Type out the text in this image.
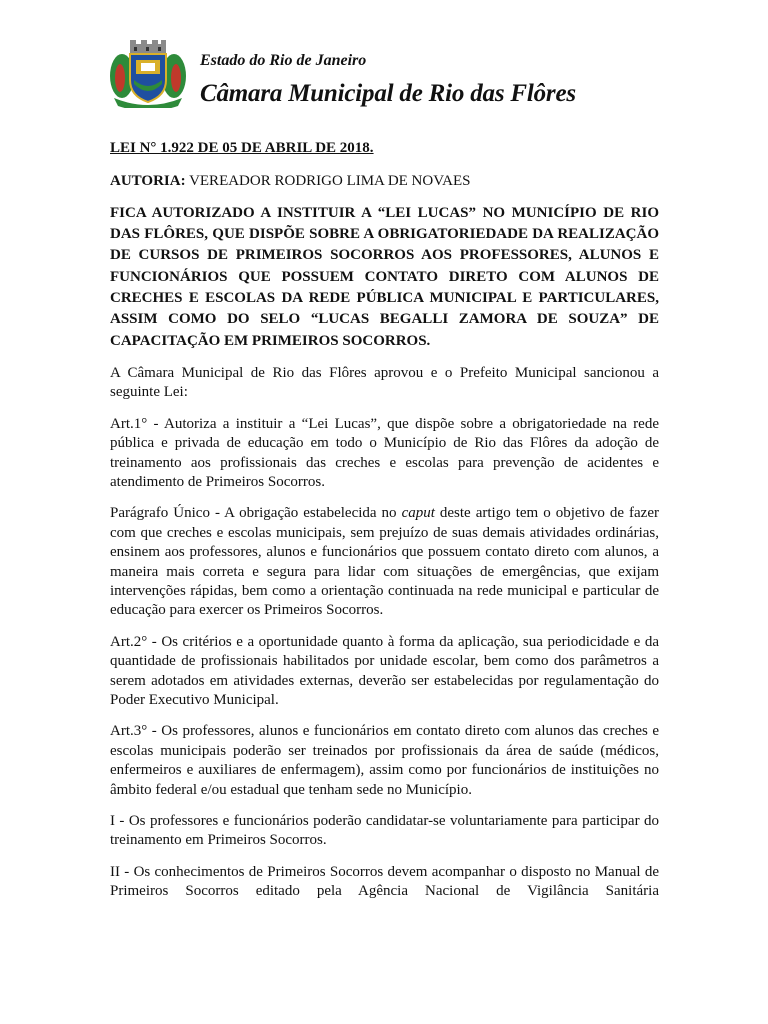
Estado do Rio de Janeiro
Câmara Municipal de Rio das Flôres

LEI N° 1.922 DE 05 DE ABRIL DE 2018.

AUTORIA: VEREADOR RODRIGO LIMA DE NOVAES

FICA AUTORIZADO A INSTITUIR A “LEI LUCAS” NO MUNICÍPIO DE RIO DAS FLÔRES, QUE DISPÕE SOBRE A OBRIGATORIEDADE DA REALIZAÇÃO DE CURSOS DE PRIMEIROS SOCORROS AOS PROFESSORES, ALUNOS E FUNCIONÁRIOS QUE POSSUEM CONTATO DIRETO COM ALUNOS DE CRECHES E ESCOLAS DA REDE PÚBLICA MUNICIPAL E PARTICULARES, ASSIM COMO DO SELO “LUCAS BEGALLI ZAMORA DE SOUZA” DE CAPACITAÇÃO EM PRIMEIROS SOCORROS.

A Câmara Municipal de Rio das Flôres aprovou e o Prefeito Municipal sancionou a seguinte Lei:

Art.1° - Autoriza a instituir a “Lei Lucas”, que dispõe sobre a obrigatoriedade na rede pública e privada de educação em todo o Município de Rio das Flôres da adoção de treinamento aos profissionais das creches e escolas para prevenção de acidentes e atendimento de Primeiros Socorros.

Parágrafo Único - A obrigação estabelecida no caput deste artigo tem o objetivo de fazer com que creches e escolas municipais, sem prejuízo de suas demais atividades ordinárias, ensinem aos professores, alunos e funcionários que possuem contato direto com alunos, a maneira mais correta e segura para lidar com situações de emergências, que exijam intervenções rápidas, bem como a orientação continuada na rede municipal e particular de educação para exercer os Primeiros Socorros.

Art.2° - Os critérios e a oportunidade quanto à forma da aplicação, sua periodicidade e da quantidade de profissionais habilitados por unidade escolar, bem como dos parâmetros a serem adotados em atividades externas, deverão ser estabelecidas por regulamentação do Poder Executivo Municipal.

Art.3° - Os professores, alunos e funcionários em contato direto com alunos das creches e escolas municipais poderão ser treinados por profissionais da área de saúde (médicos, enfermeiros e auxiliares de enfermagem), assim como por funcionários de instituições no âmbito federal e/ou estadual que tenham sede no Município.

I - Os professores e funcionários poderão candidatar-se voluntariamente para participar do treinamento em Primeiros Socorros.

II - Os conhecimentos de Primeiros Socorros devem acompanhar o disposto no Manual de Primeiros Socorros editado pela Agência Nacional de Vigilância Sanitária
